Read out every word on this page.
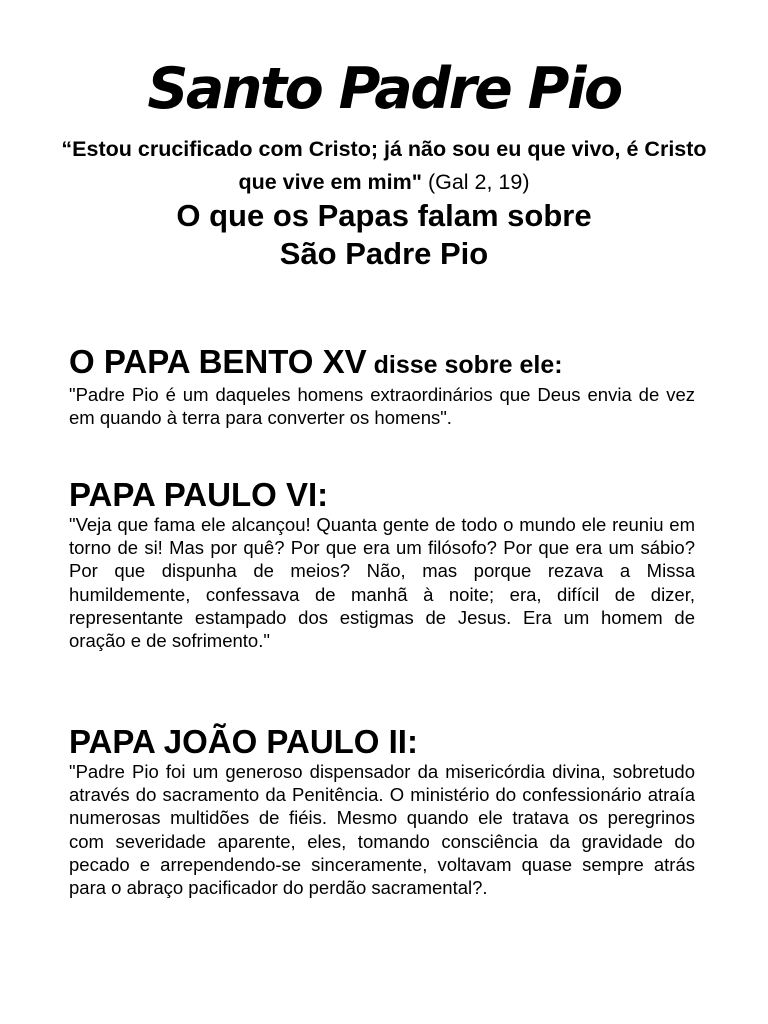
Santo Padre Pio
“Estou crucificado com Cristo; já não sou eu que vivo, é Cristo que vive em mim" (Gal 2, 19)
O que os Papas falam sobre
São Padre Pio
O PAPA BENTO XV disse sobre ele:

"Padre Pio é um daqueles homens extraordinários que Deus envia de vez em quando à terra para converter os homens".

PAPA PAULO VI:

"Veja que fama ele alcançou! Quanta gente de todo o mundo ele reuniu em torno de si! Mas por quê? Por que era um filósofo? Por que era um sábio? Por que dispunha de meios? Não, mas porque rezava a Missa humildemente, confessava de manhã à noite; era, difícil de dizer, representante estampado dos estigmas de Jesus. Era um homem de oração e de sofrimento."

PAPA JOÃO PAULO II:

"Padre Pio foi um generoso dispensador da misericórdia divina, sobretudo através do sacramento da Penitência. O ministério do confessionário atraía numerosas multidões de fiéis. Mesmo quando ele tratava os peregrinos com severidade aparente, eles, tomando consciência da gravidade do pecado e arrependendo-se sinceramente, voltavam quase sempre atrás para o abraço pacificador do perdão sacramental?.
